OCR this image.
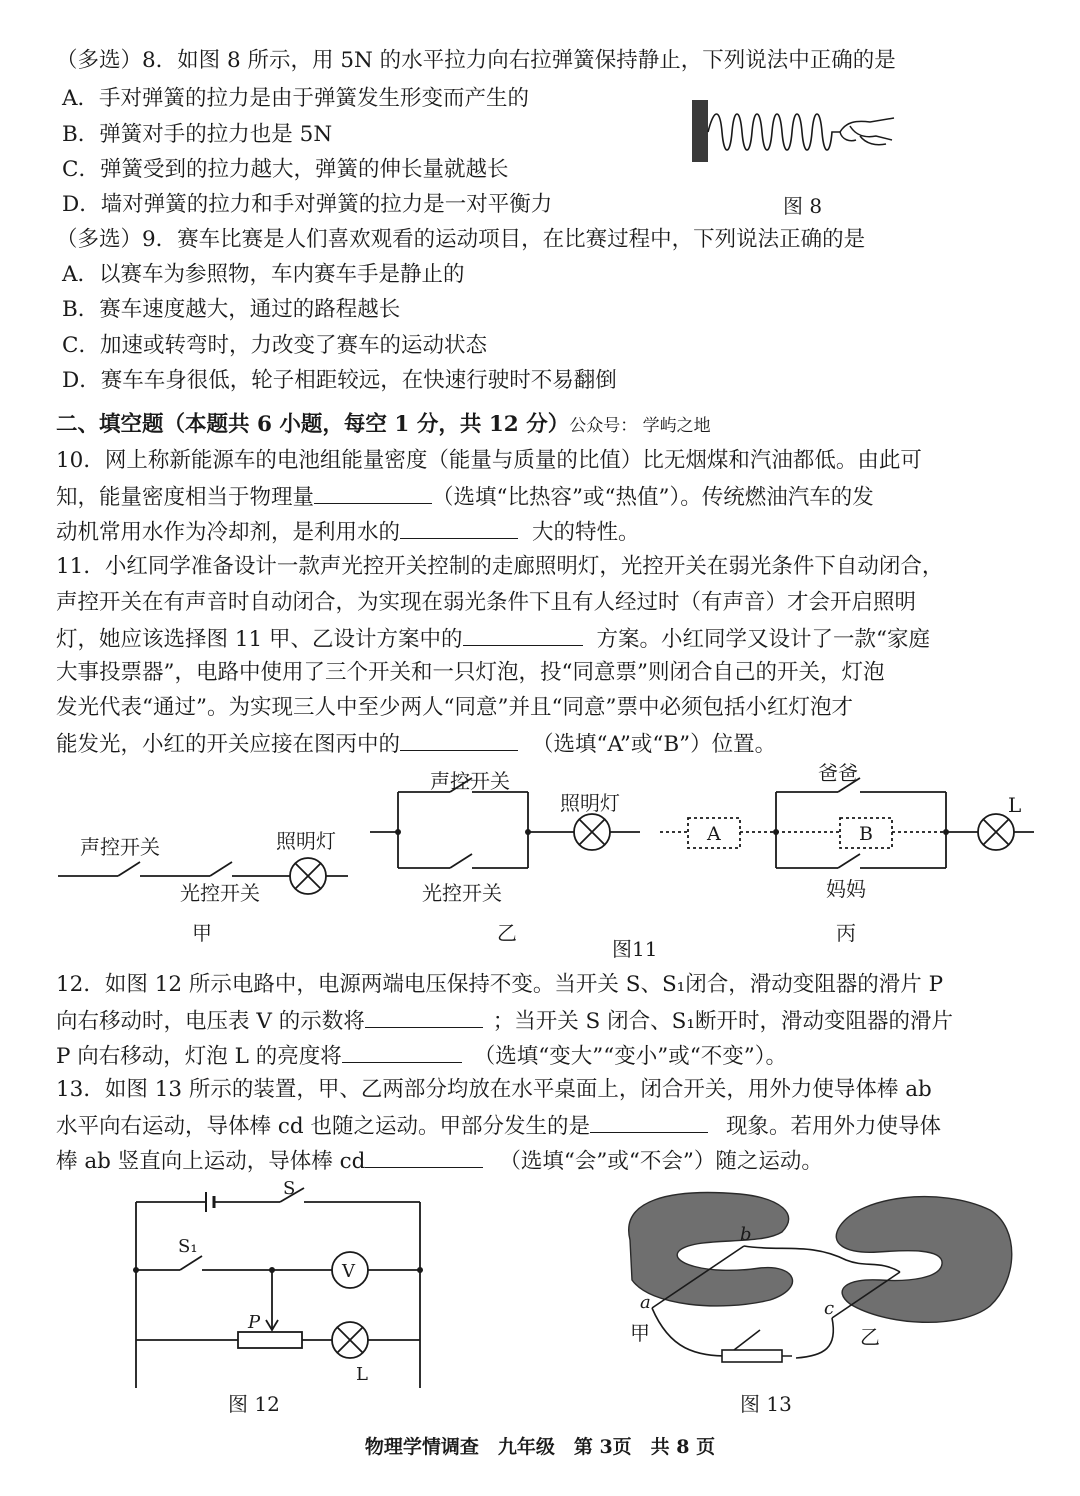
（多选）8．如图 8 所示，用 5N 的水平拉力向右拉弹簧保持静止，下列说法中正确的是
A．手对弹簧的拉力是由于弹簧发生形变而产生的
B．弹簧对手的拉力也是 5N
C．弹簧受到的拉力越大，弹簧的伸长量就越长
D．墙对弹簧的拉力和手对弹簧的拉力是一对平衡力	图 8
（多选）9．赛车比赛是人们喜欢观看的运动项目，在比赛过程中，下列说法正确的是
A．以赛车为参照物，车内赛车手是静止的
B．赛车速度越大，通过的路程越长
C．加速或转弯时，力改变了赛车的运动状态
D．赛车车身很低，轮子相距较远，在快速行驶时不易翻倒
二、填空题（本题共 6 小题，每空 1 分，共 12 分）公众号： 学屿之地
10．网上称新能源车的电池组能量密度（能量与质量的比值）比无烟煤和汽油都低。由此可
知，能量密度相当于物理量	（选填“比热容”或“热值”）。传统燃油汽车的发
动机常用水作为冷却剂，是利用水的	大的特性。
11．小红同学准备设计一款声光控开关控制的走廊照明灯，光控开关在弱光条件下自动闭合，
声控开关在有声音时自动闭合，为实现在弱光条件下且有人经过时（有声音）才会开启照明
灯，她应该选择图 11 甲、乙设计方案中的	方案。小红同学又设计了一款“家庭
大事投票器”，电路中使用了三个开关和一只灯泡，投“同意票”则闭合自己的开关，灯泡
发光代表“通过”。为实现三人中至少两人“同意”并且“同意”票中必须包括小红灯泡才
能发光，小红的开关应接在图丙中的	（选填“A”或“B”）位置。
声控开关	照明灯
光控开关
甲
声控开关
照明灯
光控开关
乙
A	B
爸爸
妈妈
L
丙
图11
12．如图 12 所示电路中，电源两端电压保持不变。当开关 S、S₁闭合，滑动变阻器的滑片 P
向右移动时，电压表 V 的示数将	；当开关 S 闭合、S₁断开时，滑动变阻器的滑片
P 向右移动，灯泡 L 的亮度将	（选填“变大”“变小”或“不变”）。
13．如图 13 所示的装置，甲、乙两部分均放在水平桌面上，闭合开关，用外力使导体棒 ab
水平向右运动，导体棒 cd 也随之运动。甲部分发生的是	现象。若用外力使导体
棒 ab 竖直向上运动，导体棒 cd	（选填“会”或“不会”）随之运动。
S
S₁
V
P
L
图 12
a
b
c
甲	乙
图 13
物理学情调查　九年级　第 3页　共 8 页
